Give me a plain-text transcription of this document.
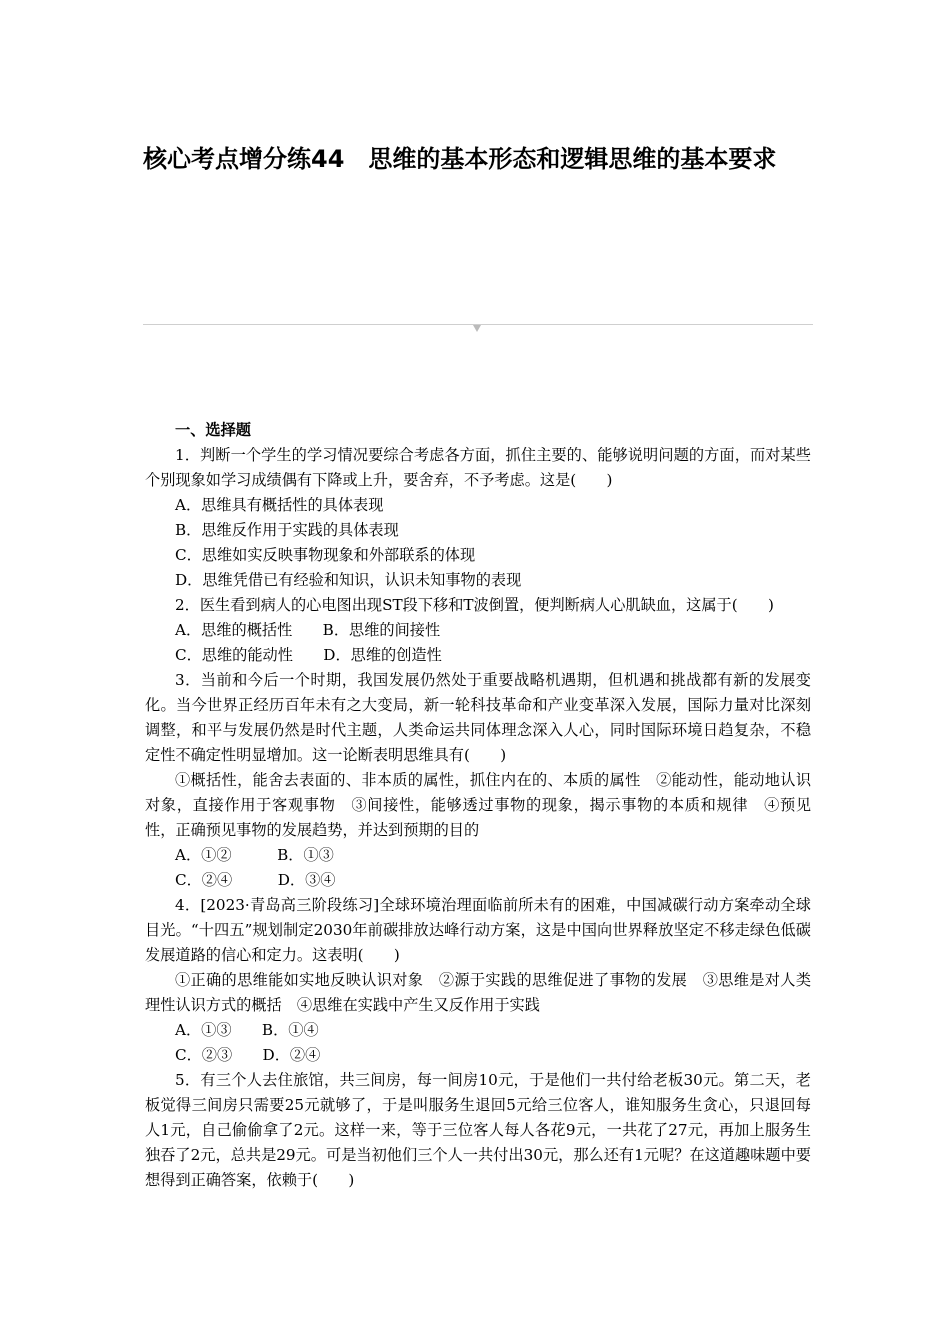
核心考点增分练44　思维的基本形态和逻辑思维的基本要求

一、选择题

1．判断一个学生的学习情况要综合考虑各方面，抓住主要的、能够说明问题的方面，而对某些个别现象如学习成绩偶有下降或上升，要舍弃，不予考虑。这是(　　)

A．思维具有概括性的具体表现

B．思维反作用于实践的具体表现

C．思维如实反映事物现象和外部联系的体现

D．思维凭借已有经验和知识，认识未知事物的表现

2．医生看到病人的心电图出现ST段下移和T波倒置，便判断病人心肌缺血，这属于(　　)

A．思维的概括性　　B．思维的间接性

C．思维的能动性　　D．思维的创造性

3．当前和今后一个时期，我国发展仍然处于重要战略机遇期，但机遇和挑战都有新的发展变化。当今世界正经历百年未有之大变局，新一轮科技革命和产业变革深入发展，国际力量对比深刻调整，和平与发展仍然是时代主题，人类命运共同体理念深入人心，同时国际环境日趋复杂，不稳定性不确定性明显增加。这一论断表明思维具有(　　)

①概括性，能舍去表面的、非本质的属性，抓住内在的、本质的属性　②能动性，能动地认识对象，直接作用于客观事物　③间接性，能够透过事物的现象，揭示事物的本质和规律　④预见性，正确预见事物的发展趋势，并达到预期的目的

A．①②　　　B．①③

C．②④　　　D．③④

4．[2023·青岛高三阶段练习]全球环境治理面临前所未有的困难，中国减碳行动方案牵动全球目光。“十四五”规划制定2030年前碳排放达峰行动方案，这是中国向世界释放坚定不移走绿色低碳发展道路的信心和定力。这表明(　　)

①正确的思维能如实地反映认识对象　②源于实践的思维促进了事物的发展　③思维是对人类理性认识方式的概括　④思维在实践中产生又反作用于实践

A．①③　　B．①④

C．②③　　D．②④

5．有三个人去住旅馆，共三间房，每一间房10元，于是他们一共付给老板30元。第二天，老板觉得三间房只需要25元就够了，于是叫服务生退回5元给三位客人，谁知服务生贪心，只退回每人1元，自己偷偷拿了2元。这样一来，等于三位客人每人各花9元，一共花了27元，再加上服务生独吞了2元，总共是29元。可是当初他们三个人一共付出30元，那么还有1元呢？在这道趣味题中要想得到正确答案，依赖于(　　)
